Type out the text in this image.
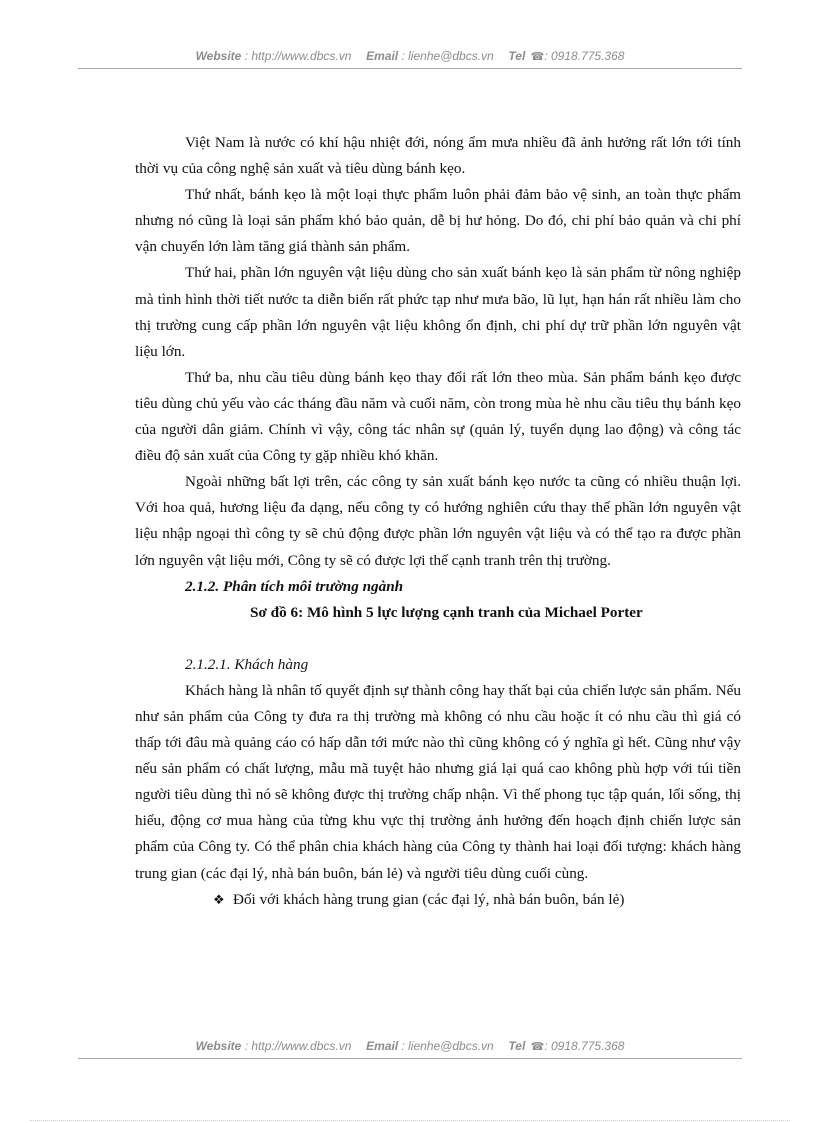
Website : http://www.dbcs.vn Email : lienhe@dbcs.vn Tel ☎: 0918.775.368

Việt Nam là nước có khí hậu nhiệt đới, nóng ẩm mưa nhiều đã ảnh hưởng rất lớn tới tính thời vụ của công nghệ sản xuất và tiêu dùng bánh kẹo.

Thứ nhất, bánh kẹo là một loại thực phẩm luôn phải đảm bảo vệ sinh, an toàn thực phẩm nhưng nó cũng là loại sản phẩm khó bảo quản, dễ bị hư hỏng. Do đó, chi phí bảo quản và chi phí vận chuyển lớn làm tăng giá thành sản phẩm.

Thứ hai, phần lớn nguyên vật liệu dùng cho sản xuất bánh kẹo là sản phẩm từ nông nghiệp mà tình hình thời tiết nước ta diễn biến rất phức tạp như mưa bão, lũ lụt, hạn hán rất nhiều làm cho thị trường cung cấp phần lớn nguyên vật liệu không ổn định, chi phí dự trữ phần lớn nguyên vật liệu lớn.

Thứ ba, nhu cầu tiêu dùng bánh kẹo thay đổi rất lớn theo mùa. Sản phẩm bánh kẹo được tiêu dùng chủ yếu vào các tháng đầu năm và cuối năm, còn trong mùa hè nhu cầu tiêu thụ bánh kẹo của người dân giảm. Chính vì vậy, công tác nhân sự (quản lý, tuyển dụng lao động) và công tác điều độ sản xuất của Công ty gặp nhiều khó khăn.

Ngoài những bất lợi trên, các công ty sản xuất bánh kẹo nước ta cũng có nhiều thuận lợi. Với hoa quả, hương liệu đa dạng, nếu công ty có hướng nghiên cứu thay thế phần lớn nguyên vật liệu nhập ngoại thì công ty sẽ chủ động được phần lớn nguyên vật liệu và có thể tạo ra được phần lớn nguyên vật liệu mới, Công ty sẽ có được lợi thế cạnh tranh trên thị trường.

2.1.2. Phân tích môi trường ngành

Sơ đồ 6: Mô hình 5 lực lượng cạnh tranh của Michael Porter

2.1.2.1. Khách hàng

Khách hàng là nhân tố quyết định sự thành công hay thất bại của chiến lược sản phẩm. Nếu như sản phẩm của Công ty đưa ra thị trường mà không có nhu cầu hoặc ít có nhu cầu thì giá có thấp tới đâu mà quảng cáo có hấp dẫn tới mức nào thì cũng không có ý nghĩa gì hết. Cũng như vậy nếu sản phẩm có chất lượng, mẫu mã tuyệt hảo nhưng giá lại quá cao không phù hợp với túi tiền người tiêu dùng thì nó sẽ không được thị trường chấp nhận. Vì thế phong tục tập quán, lối sống, thị hiếu, động cơ mua hàng của từng khu vực thị trường ảnh hưởng đến hoạch định chiến lược sản phẩm của Công ty. Có thể phân chia khách hàng của Công ty thành hai loại đối tượng: khách hàng trung gian (các đại lý, nhà bán buôn, bán lẻ) và người tiêu dùng cuối cùng.

❖ Đối với khách hàng trung gian (các đại lý, nhà bán buôn, bán lẻ)

Website : http://www.dbcs.vn Email : lienhe@dbcs.vn Tel ☎: 0918.775.368
